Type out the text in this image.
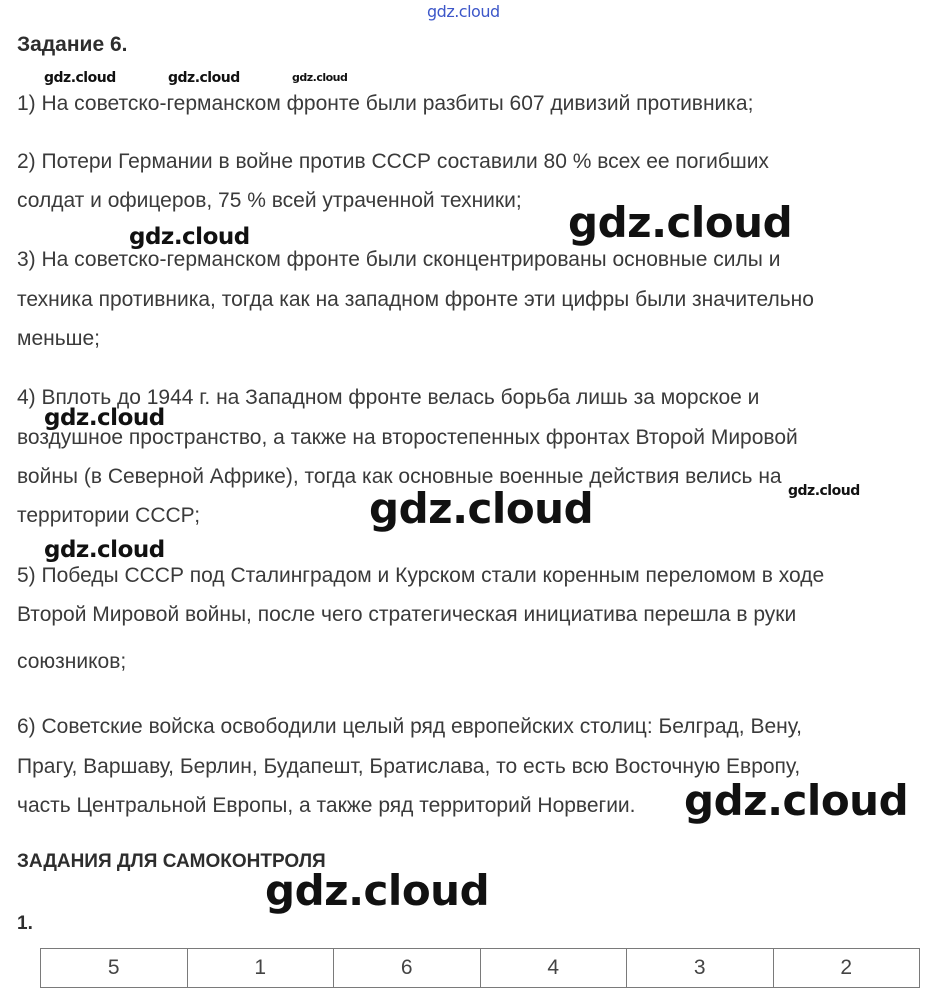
gdz.cloud
Задание 6.
gdz.cloud	gdz.cloud	gdz.cloud
1) На советско-германском фронте были разбиты 607 дивизий противника;
2) Потери Германии в войне против СССР составили 80 % всех ее погибших
солдат и офицеров, 75 % всей утраченной техники;
3) На советско-германском фронте были сконцентрированы основные силы и
техника противника, тогда как на западном фронте эти цифры были значительно
меньше;
4) Вплоть до 1944 г. на Западном фронте велась борьба лишь за морское и
воздушное пространство, а также на второстепенных фронтах Второй Мировой
войны (в Северной Африке), тогда как основные военные действия велись на
территории СССР;
5) Победы СССР под Сталинградом и Курском стали коренным переломом в ходе
Второй Мировой войны, после чего стратегическая инициатива перешла в руки
союзников;
6) Советские войска освободили целый ряд европейских столиц: Белград, Вену,
Прагу, Варшаву, Берлин, Будапешт, Братислава, то есть всю Восточную Европу,
часть Центральной Европы, а также ряд территорий Норвегии.
ЗАДАНИЯ ДЛЯ САМОКОНТРОЛЯ
1.
5	1	6	4	3	2
gdz.cloud
gdz.cloud
gdz.cloud
gdz.cloud
gdz.cloud
gdz.cloud
gdz.cloud
gdz.cloud
